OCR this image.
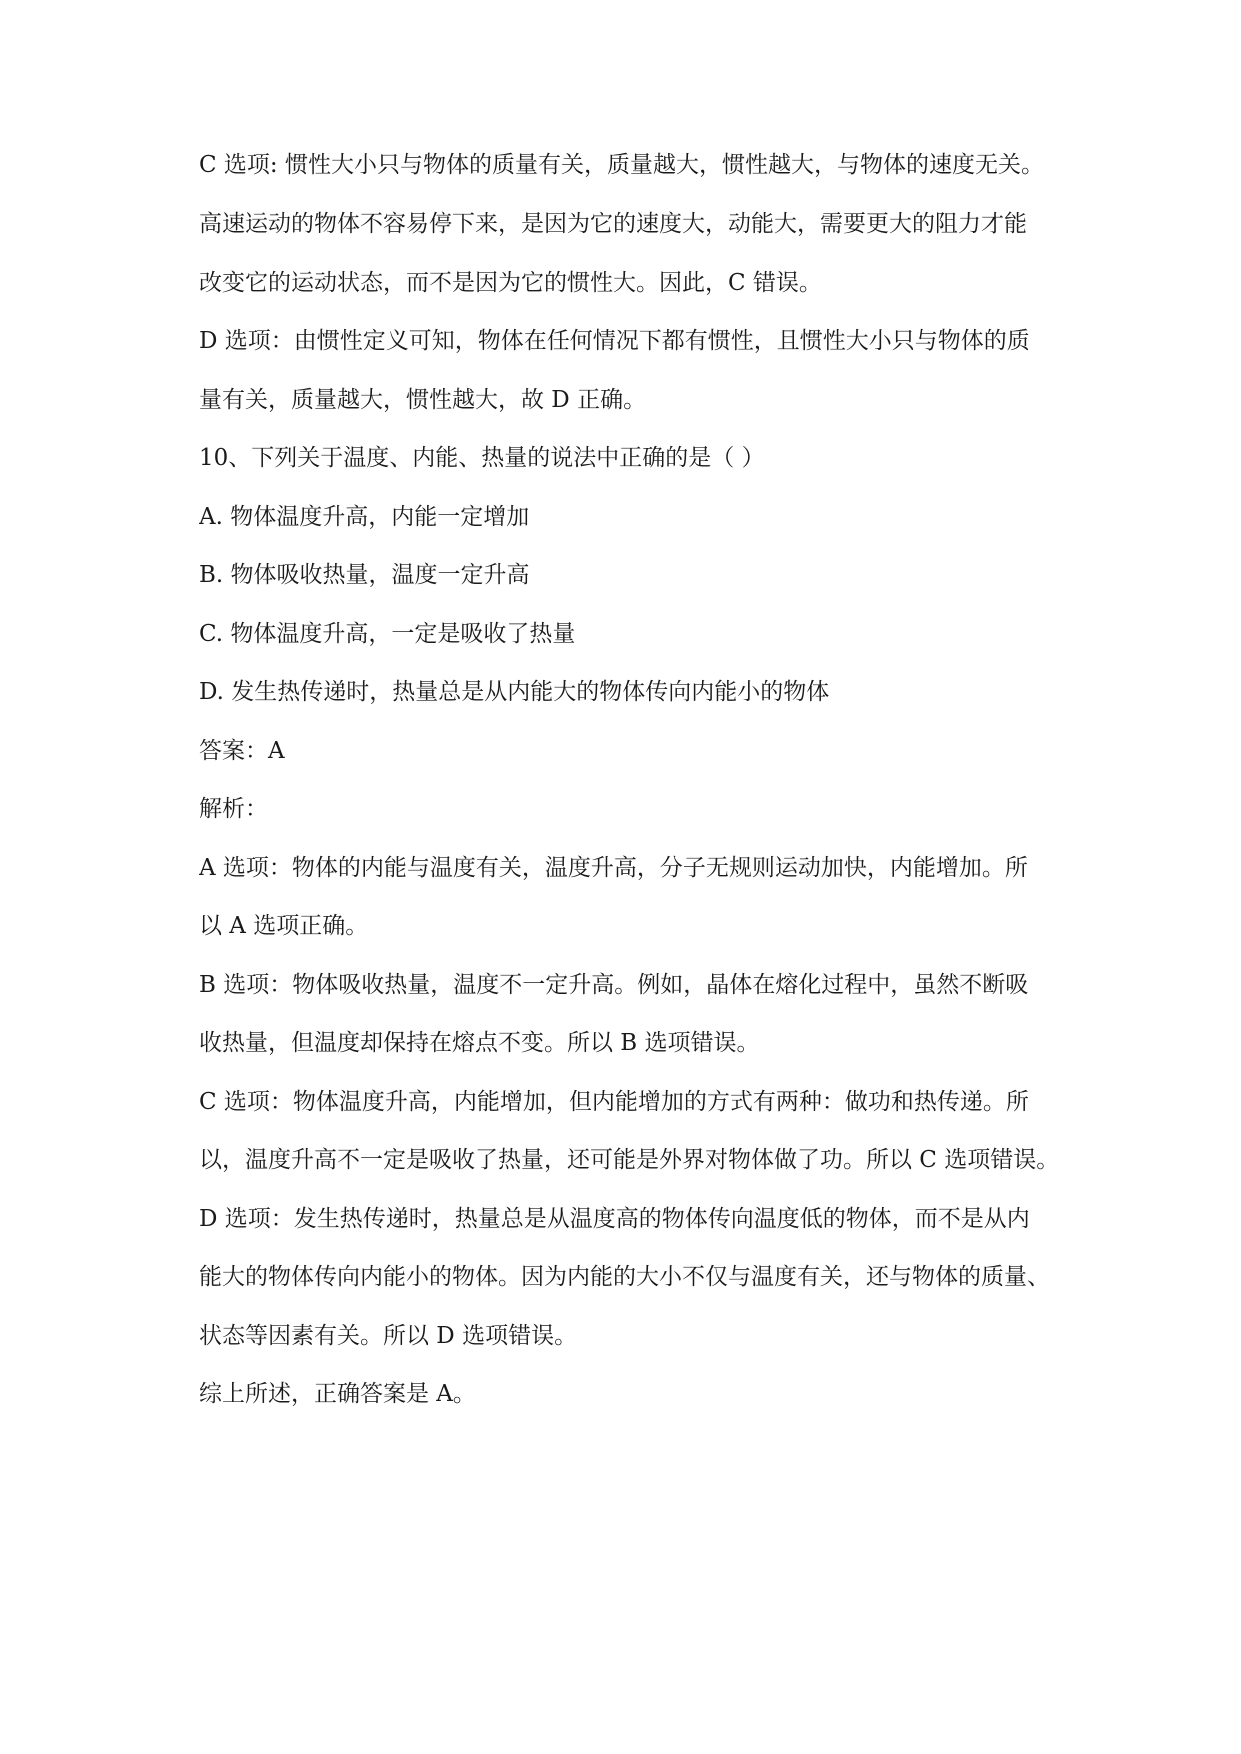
C 选项: 惯性大小只与物体的质量有关，质量越大，惯性越大，与物体的速度无关。
高速运动的物体不容易停下来，是因为它的速度大，动能大，需要更大的阻力才能
改变它的运动状态，而不是因为它的惯性大。因此，C 错误。
D 选项：由惯性定义可知，物体在任何情况下都有惯性，且惯性大小只与物体的质
量有关，质量越大，惯性越大，故 D 正确。
10、下列关于温度、内能、热量的说法中正确的是（ ）
A. 物体温度升高，内能一定增加
B. 物体吸收热量，温度一定升高
C. 物体温度升高，一定是吸收了热量
D. 发生热传递时，热量总是从内能大的物体传向内能小的物体
答案：A
解析：
A 选项：物体的内能与温度有关，温度升高，分子无规则运动加快，内能增加。所
以 A 选项正确。
B 选项：物体吸收热量，温度不一定升高。例如，晶体在熔化过程中，虽然不断吸
收热量，但温度却保持在熔点不变。所以 B 选项错误。
C 选项：物体温度升高，内能增加，但内能增加的方式有两种：做功和热传递。所
以，温度升高不一定是吸收了热量，还可能是外界对物体做了功。所以 C 选项错误。
D 选项：发生热传递时，热量总是从温度高的物体传向温度低的物体，而不是从内
能大的物体传向内能小的物体。因为内能的大小不仅与温度有关，还与物体的质量、
状态等因素有关。所以 D 选项错误。
综上所述，正确答案是 A。
